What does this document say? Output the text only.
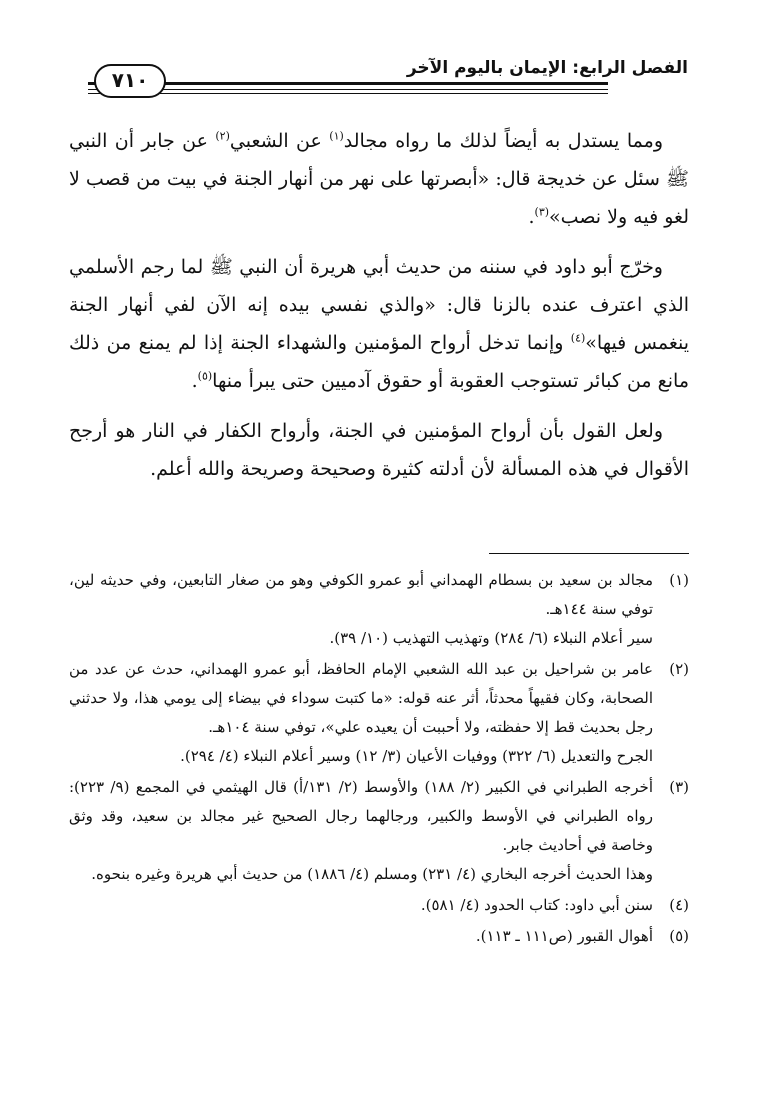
الفصل الرابع: الإيمان باليوم الآخر
٧١٠

ومما يستدل به أيضاً لذلك ما رواه مجالد$^{(١)}$ عن الشعبي$^{(٢)}$ عن جابر أن النبي ﷺ سئل عن خديجة قال: «أبصرتها على نهر من أنهار الجنة في بيت من قصب لا لغو فيه ولا نصب»$^{(٣)}$.

وخرّج أبو داود في سننه من حديث أبي هريرة أن النبي ﷺ لما رجم الأسلمي الذي اعترف عنده بالزنا قال: «والذي نفسي بيده إنه الآن لفي أنهار الجنة ينغمس فيها»$^{(٤)}$ وإنما تدخل أرواح المؤمنين والشهداء الجنة إذا لم يمنع من ذلك مانع من كبائر تستوجب العقوبة أو حقوق آدميين حتى يبرأ منها$^{(٥)}$.

ولعل القول بأن أرواح المؤمنين في الجنة، وأرواح الكفار في النار هو أرجح الأقوال في هذه المسألة لأن أدلته كثيرة وصحيحة وصريحة والله أعلم.

(١)
مجالد بن سعيد بن بسطام الهمداني أبو عمرو الكوفي وهو من صغار التابعين، وفي حديثه لين، توفي سنة ١٤٤هـ.
سير أعلام النبلاء (٦/ ٢٨٤) وتهذيب التهذيب (١٠/ ٣٩).
(٢)
عامر بن شراحيل بن عبد الله الشعبي الإمام الحافظ، أبو عمرو الهمداني، حدث عن عدد من الصحابة، وكان فقيهاً محدثاً، أثر عنه قوله: «ما كتبت سوداء في بيضاء إلى يومي هذا، ولا حدثني رجل بحديث قط إلا حفظته، ولا أحببت أن يعيده علي»، توفي سنة ١٠٤هـ.
الجرح والتعديل (٦/ ٣٢٢) ووفيات الأعيان (٣/ ١٢) وسير أعلام النبلاء (٤/ ٢٩٤).
(٣)
أخرجه الطبراني في الكبير (٢/ ١٨٨) والأوسط (٢/ ١٣١/أ) قال الهيثمي في المجمع (٩/ ٢٢٣): رواه الطبراني في الأوسط والكبير، ورجالهما رجال الصحيح غير مجالد بن سعيد، وقد وثق وخاصة في أحاديث جابر.
وهذا الحديث أخرجه البخاري (٤/ ٢٣١) ومسلم (٤/ ١٨٨٦) من حديث أبي هريرة وغيره بنحوه.
(٤)
سنن أبي داود: كتاب الحدود (٤/ ٥٨١).
(٥)
أهوال القبور (ص١١١ ـ ١١٣).
